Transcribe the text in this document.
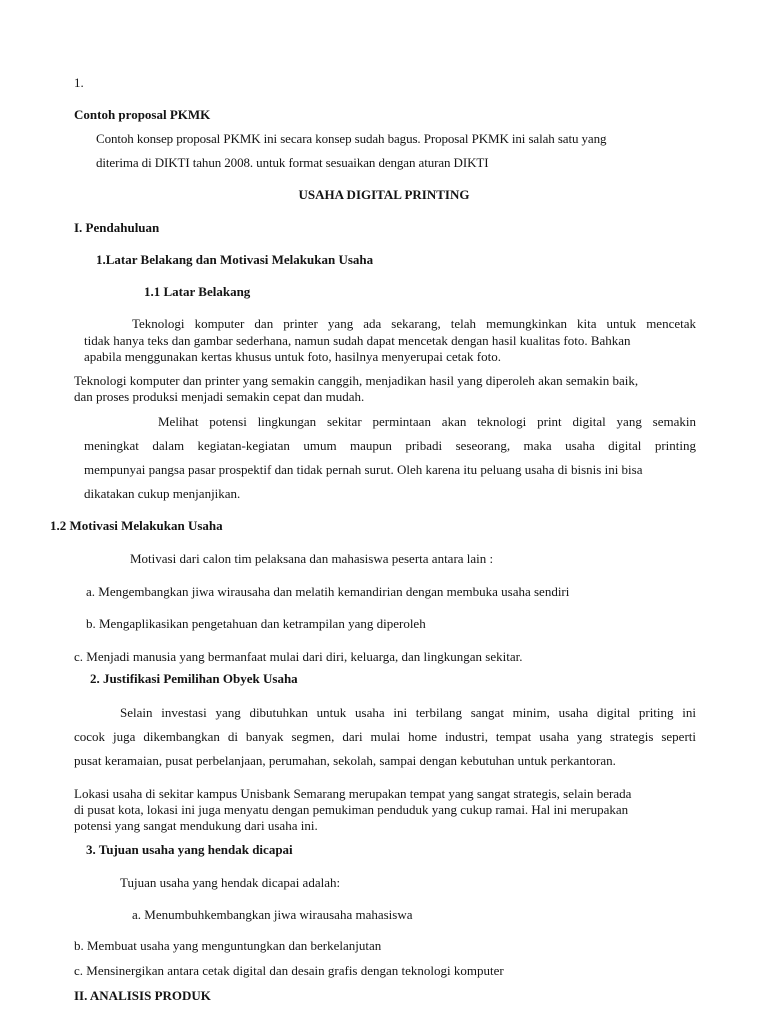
1.
Contoh proposal PKMK
Contoh konsep proposal PKMK ini secara konsep sudah bagus. Proposal PKMK ini salah satu yang
diterima di DIKTI tahun 2008. untuk format sesuaikan dengan aturan DIKTI
USAHA DIGITAL PRINTING
I. Pendahuluan
1.Latar Belakang dan Motivasi Melakukan Usaha
1.1 Latar Belakang
Teknologi komputer dan printer yang ada sekarang, telah memungkinkan kita untuk mencetak
tidak hanya teks dan gambar sederhana, namun sudah dapat mencetak dengan hasil kualitas foto. Bahkan
apabila menggunakan kertas khusus untuk foto, hasilnya menyerupai cetak foto.
Teknologi komputer dan printer yang semakin canggih, menjadikan hasil yang diperoleh akan semakin baik,
dan proses produksi menjadi semakin cepat dan mudah.
Melihat potensi lingkungan sekitar permintaan akan teknologi print digital yang semakin
meningkat dalam kegiatan-kegiatan umum maupun pribadi seseorang, maka usaha digital printing
mempunyai pangsa pasar prospektif dan tidak pernah surut. Oleh karena itu peluang usaha di bisnis ini bisa
dikatakan cukup menjanjikan.
1.2 Motivasi Melakukan Usaha
Motivasi dari calon tim pelaksana dan mahasiswa peserta antara lain :
a. Mengembangkan jiwa wirausaha dan melatih kemandirian dengan membuka usaha sendiri
b. Mengaplikasikan pengetahuan dan ketrampilan yang diperoleh
c. Menjadi manusia yang bermanfaat mulai dari diri, keluarga, dan lingkungan sekitar.
2. Justifikasi Pemilihan Obyek Usaha
Selain investasi yang dibutuhkan untuk usaha ini terbilang sangat minim, usaha digital priting ini
cocok juga dikembangkan di banyak segmen, dari mulai home industri, tempat usaha yang strategis seperti
pusat keramaian, pusat perbelanjaan, perumahan, sekolah, sampai dengan kebutuhan untuk perkantoran.
Lokasi usaha di sekitar kampus Unisbank Semarang merupakan tempat yang sangat strategis, selain berada
di pusat kota, lokasi ini juga menyatu dengan pemukiman penduduk yang cukup ramai. Hal ini merupakan
potensi yang sangat mendukung dari usaha ini.
3. Tujuan usaha yang hendak dicapai
Tujuan usaha yang hendak dicapai adalah:
a. Menumbuhkembangkan jiwa wirausaha mahasiswa
b. Membuat usaha yang menguntungkan dan berkelanjutan
c. Mensinergikan antara cetak digital dan desain grafis dengan teknologi komputer
II. ANALISIS PRODUK
